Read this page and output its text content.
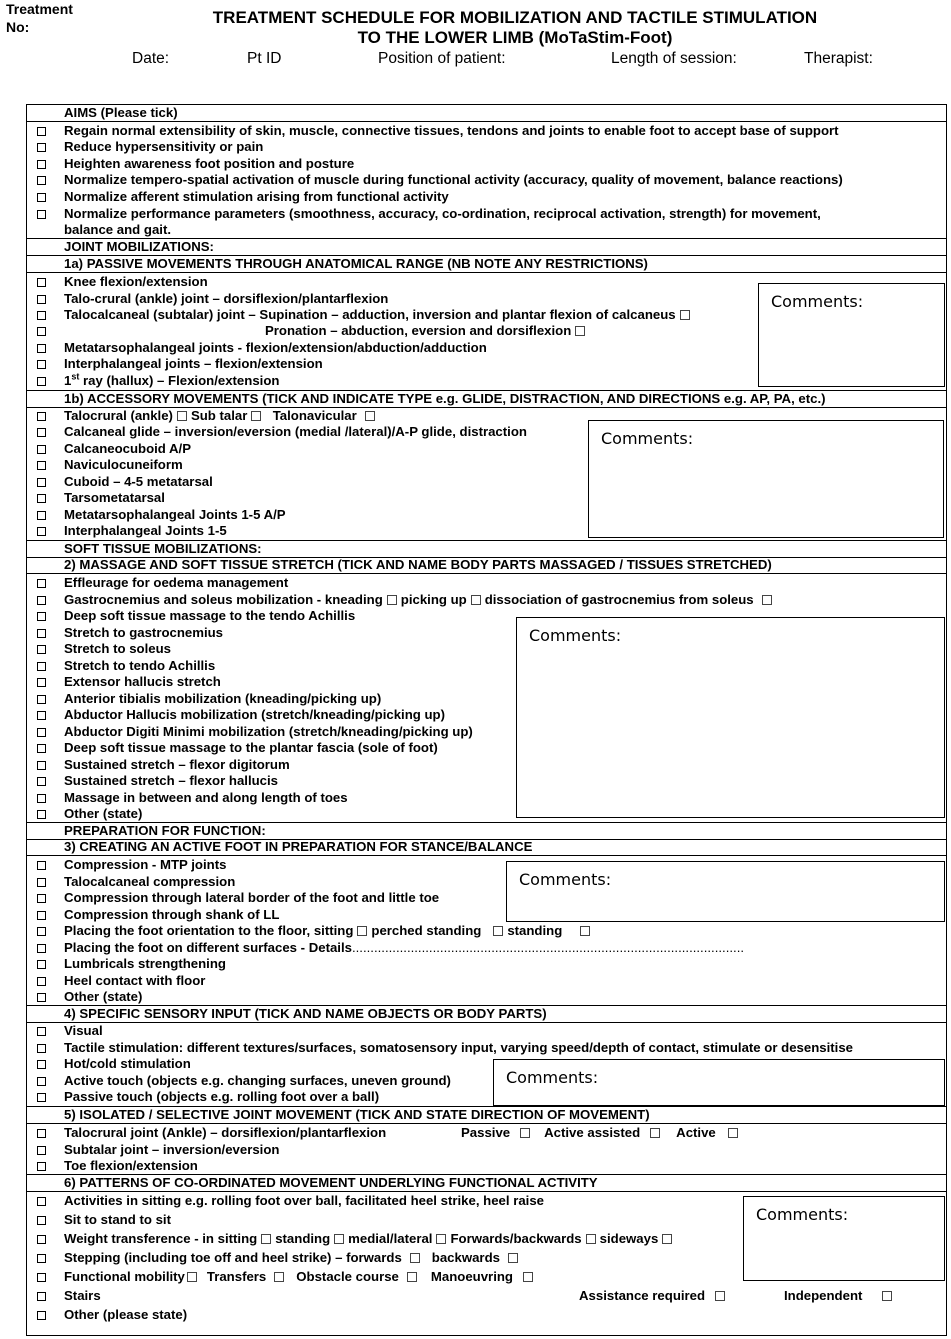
Treatment
No:	TREATMENT SCHEDULE FOR MOBILIZATION AND TACTILE STIMULATION
TO THE LOWER LIMB (MoTaStim-Foot)
Date:	Pt ID	Position of patient:	Length of session:	Therapist:
AIMS (Please tick)
Regain normal extensibility of skin, muscle, connective tissues, tendons and joints to enable foot to accept base of support
Reduce hypersensitivity or pain
Heighten awareness foot position and posture
Normalize tempero-spatial activation of muscle during functional activity (accuracy, quality of movement, balance reactions)
Normalize afferent stimulation arising from functional activity
Normalize performance parameters (smoothness, accuracy, co-ordination, reciprocal activation, strength) for movement,
balance and gait.
JOINT MOBILIZATIONS:
1a) PASSIVE MOVEMENTS THROUGH ANATOMICAL RANGE (NB NOTE ANY RESTRICTIONS)
Knee flexion/extension
Talo-crural (ankle) joint – dorsiflexion/plantarflexion
Talocalcaneal (subtalar) joint – Supination – adduction, inversion and plantar flexion of calcaneus
Pronation – abduction, eversion and dorsiflexion
Metatarsophalangeal joints - flexion/extension/abduction/adduction
Interphalangeal joints – flexion/extension
1st ray (hallux) – Flexion/extension
Comments:
1b) ACCESSORY MOVEMENTS (TICK AND INDICATE TYPE e.g. GLIDE, DISTRACTION, AND DIRECTIONS e.g. AP, PA, etc.)
Talocrural (ankle) Sub talar Talonavicular
Calcaneal glide – inversion/eversion (medial /lateral)/A-P glide, distraction
Calcaneocuboid A/P
Naviculocuneiform
Cuboid – 4-5 metatarsal
Tarsometatarsal
Metatarsophalangeal Joints 1-5 A/P
Interphalangeal Joints 1-5
Comments:
SOFT TISSUE MOBILIZATIONS:
2) MASSAGE AND SOFT TISSUE STRETCH (TICK AND NAME BODY PARTS MASSAGED / TISSUES STRETCHED)
Effleurage for oedema management
Gastrocnemius and soleus mobilization - kneading picking up dissociation of gastrocnemius from soleus
Deep soft tissue massage to the tendo Achillis
Stretch to gastrocnemius
Stretch to soleus
Stretch to tendo Achillis
Extensor hallucis stretch
Anterior tibialis mobilization (kneading/picking up)
Abductor Hallucis mobilization (stretch/kneading/picking up)
Abductor Digiti Minimi mobilization (stretch/kneading/picking up)
Deep soft tissue massage to the plantar fascia (sole of foot)
Sustained stretch – flexor digitorum
Sustained stretch – flexor hallucis
Massage in between and along length of toes
Other (state)
Comments:
PREPARATION FOR FUNCTION:
3) CREATING AN ACTIVE FOOT IN PREPARATION FOR STANCE/BALANCE
Compression - MTP joints
Talocalcaneal compression
Compression through lateral border of the foot and little toe
Compression through shank of LL
Placing the foot orientation to the floor, sitting perched standing standing
Placing the foot on different surfaces - Details...........................................................................................................
Lumbricals strengthening
Heel contact with floor
Other (state)
Comments:
4) SPECIFIC SENSORY INPUT (TICK AND NAME OBJECTS OR BODY PARTS)
Visual
Tactile stimulation: different textures/surfaces, somatosensory input, varying speed/depth of contact, stimulate or desensitise
Hot/cold stimulation
Active touch (objects e.g. changing surfaces, uneven ground)
Passive touch (objects e.g. rolling foot over a ball)
Comments:
5) ISOLATED / SELECTIVE JOINT MOVEMENT (TICK AND STATE DIRECTION OF MOVEMENT)
Talocrural joint (Ankle) – dorsiflexion/plantarflexion	Passive	Active assisted	Active
Subtalar joint – inversion/eversion
Toe flexion/extension
6) PATTERNS OF CO-ORDINATED MOVEMENT UNDERLYING FUNCTIONAL ACTIVITY
Activities in sitting e.g. rolling foot over ball, facilitated heel strike, heel raise
Sit to stand to sit
Weight transference - in sitting standing medial/lateral Forwards/backwards sideways
Stepping (including toe off and heel strike) – forwards backwards
Functional mobility Transfers Obstacle course Manoeuvring
Stairs	Assistance required	Independent
Other (please state)
Comments:
